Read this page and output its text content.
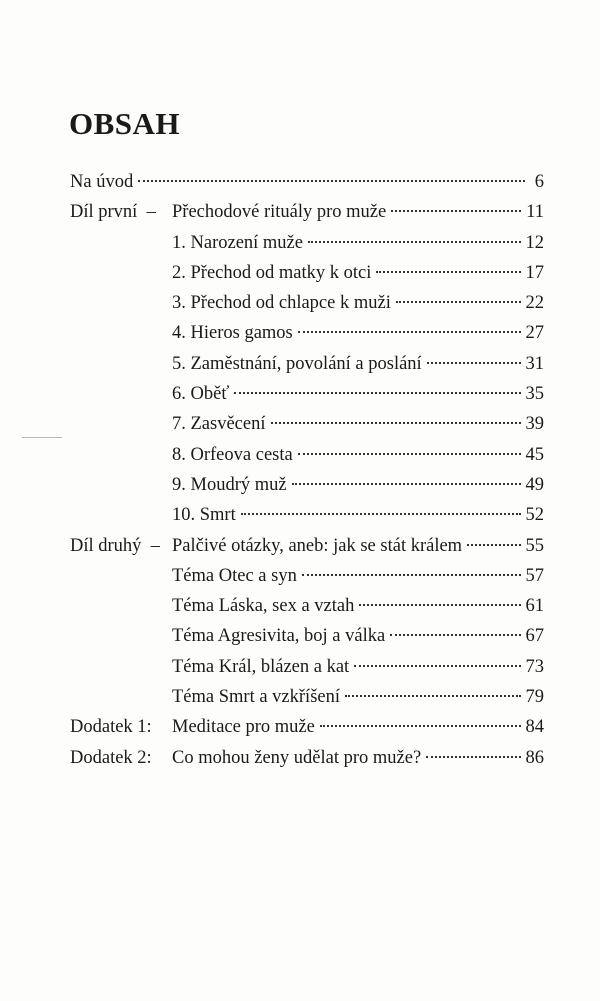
OBSAH
Na úvod	6
Díl první  – Přechodové rituály pro muže	11
1. Narození muže	12
2. Přechod od matky k otci	17
3. Přechod od chlapce k muži	22
4. Hieros gamos	27
5. Zaměstnání, povolání a poslání	31
6. Oběť	35
7. Zasvěcení	39
8. Orfeova cesta	45
9. Moudrý muž	49
10. Smrt	52
Díl druhý  – Palčivé otázky, aneb: jak se stát králem	55
Téma Otec a syn	57
Téma Láska, sex a vztah	61
Téma Agresivita, boj a válka	67
Téma Král, blázen a kat	73
Téma Smrt a vzkříšení	79
Dodatek 1:	Meditace pro muže	84
Dodatek 2:	Co mohou ženy udělat pro muže?	86
